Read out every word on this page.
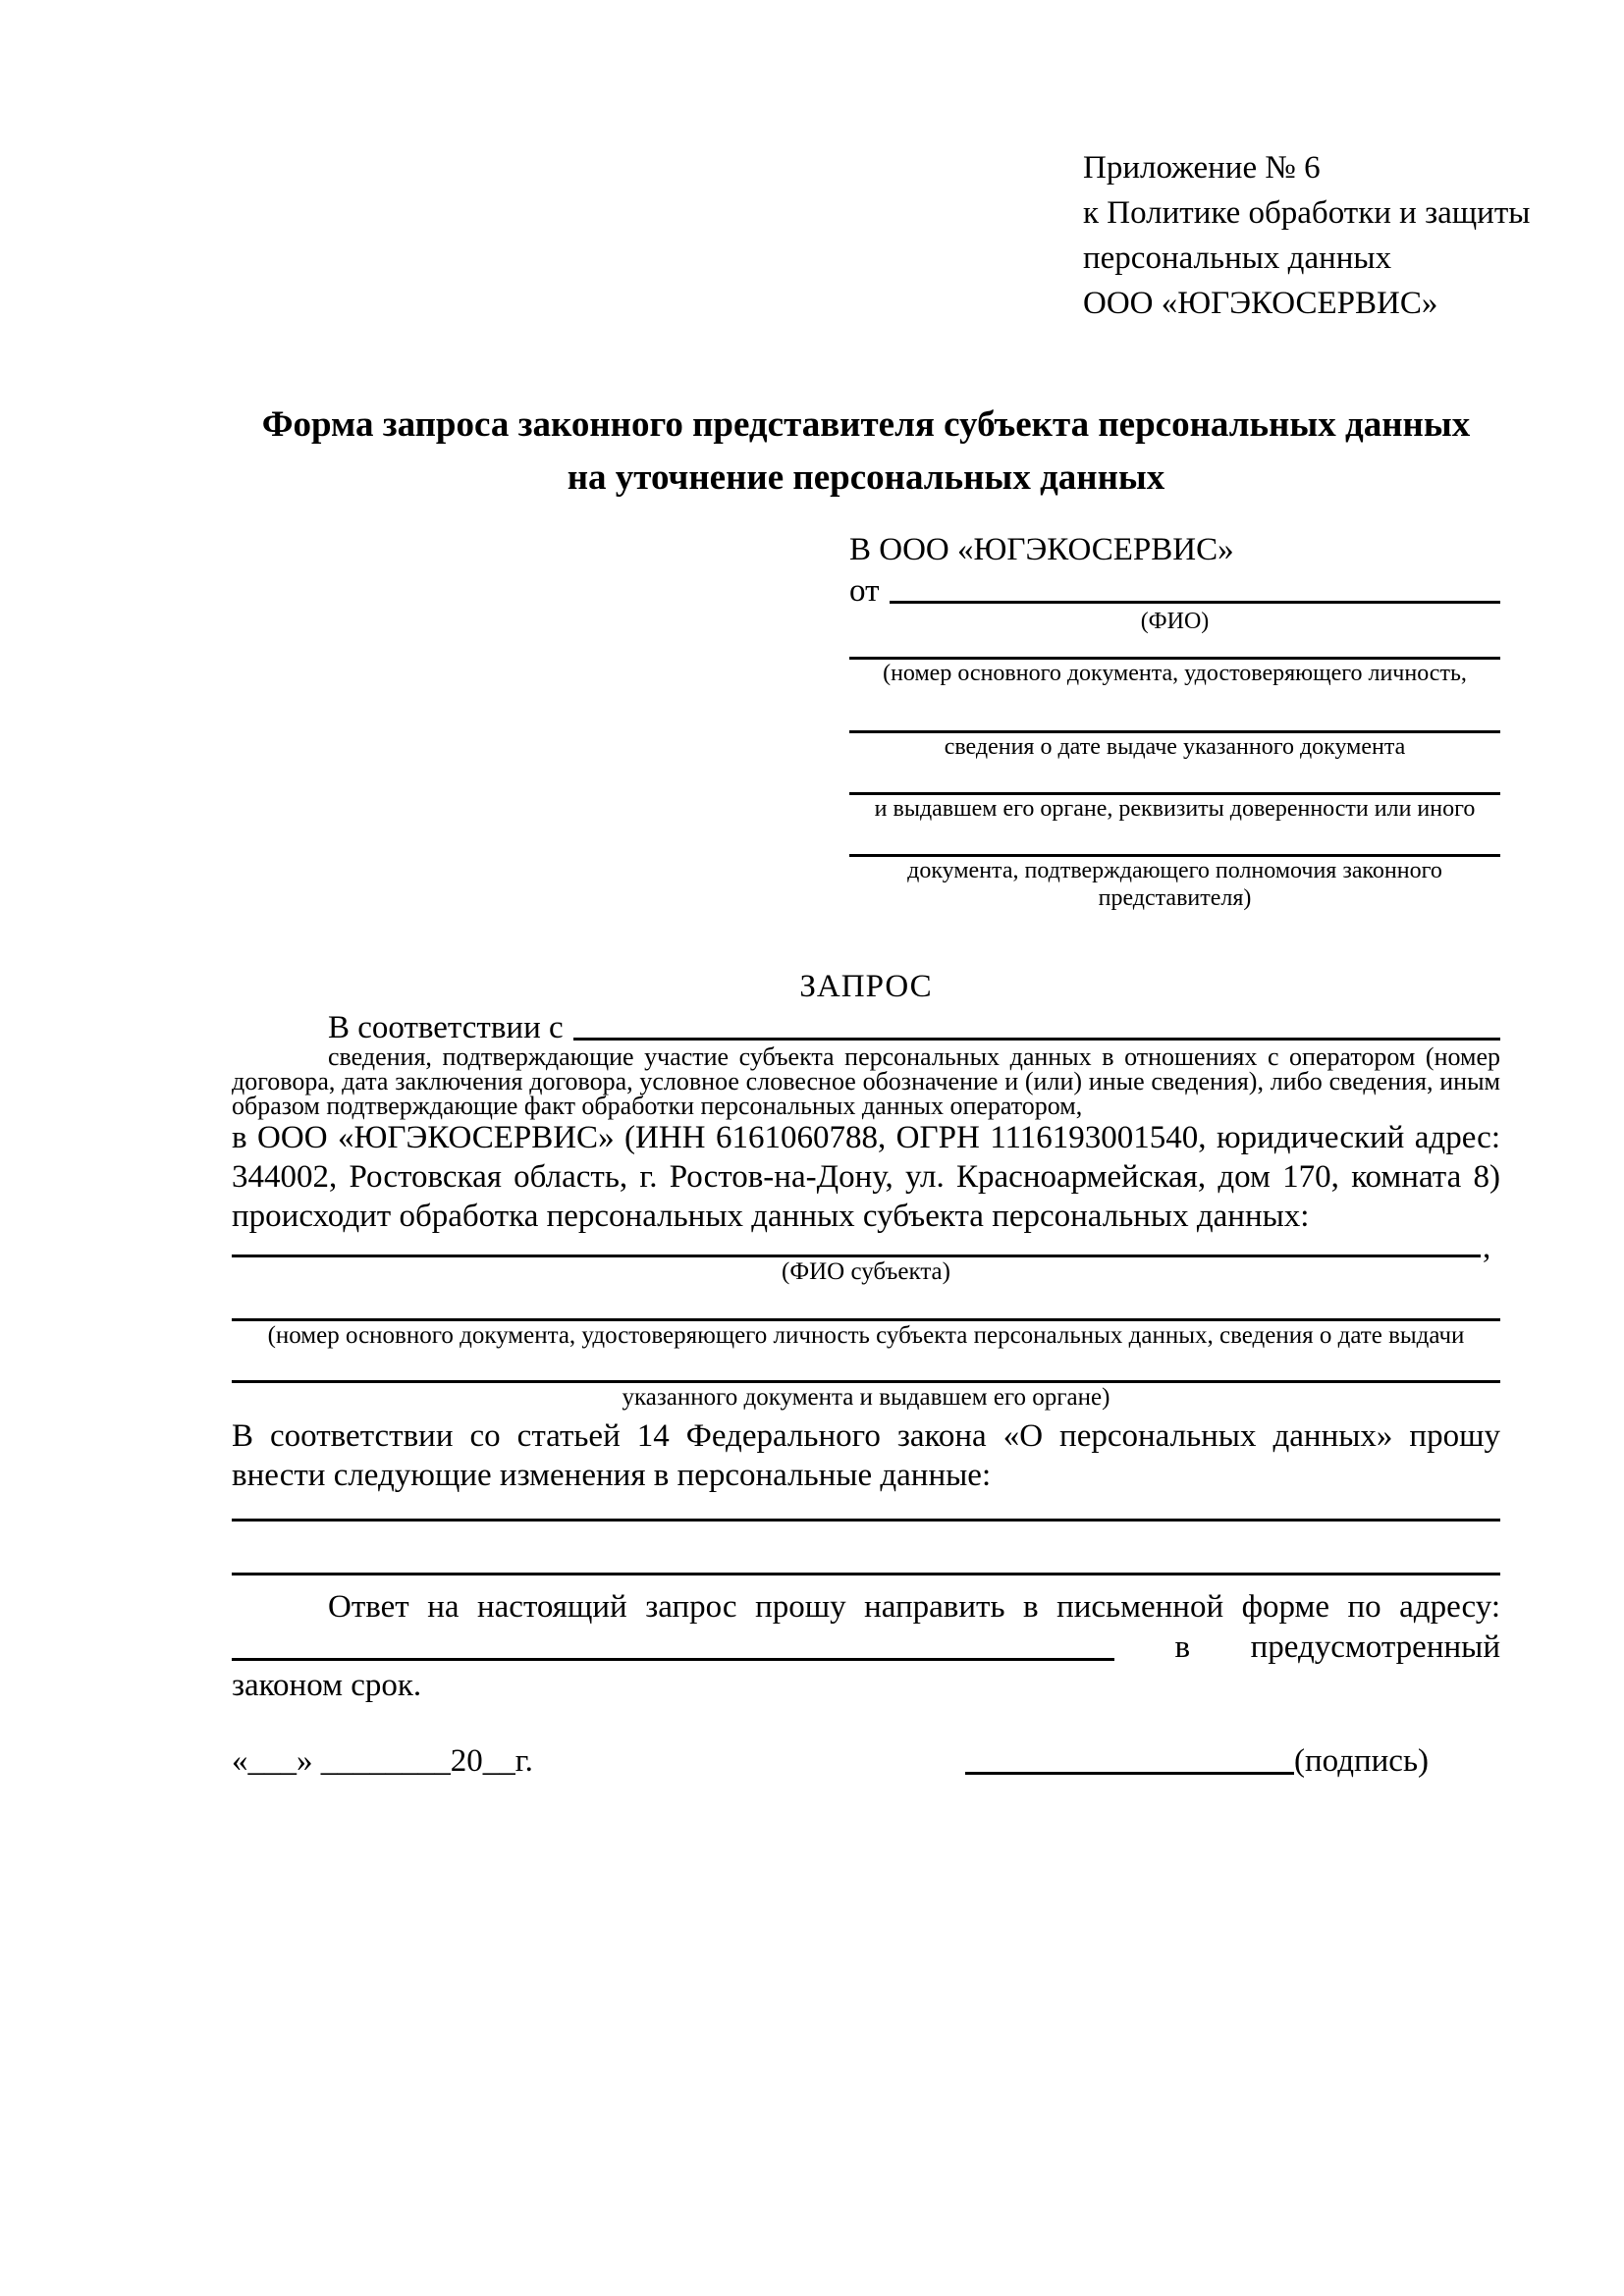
Приложение № 6
к Политике обработки и защиты
персональных данных
ООО «ЮГЭКОСЕРВИС»
Форма запроса законного представителя субъекта персональных данных
на уточнение персональных данных
В ООО «ЮГЭКОСЕРВИС»
от
(ФИО)
(номер основного документа, удостоверяющего личность,
сведения о дате выдаче указанного документа
и выдавшем его органе, реквизиты доверенности или иного
документа, подтверждающего полномочия законного представителя)
ЗАПРОС
В соответствии с
сведения, подтверждающие участие субъекта персональных данных в отношениях с оператором (номер договора, дата заключения договора, условное словесное обозначение и (или) иные сведения), либо сведения, иным образом подтверждающие факт обработки персональных данных оператором,
в ООО «ЮГЭКОСЕРВИС» (ИНН 6161060788, ОГРН 1116193001540, юридический адрес: 344002, Ростовская область, г. Ростов-на-Дону, ул. Красноармейская, дом 170, комната 8) происходит обработка персональных данных субъекта персональных данных:
,
(ФИО субъекта)
(номер основного документа, удостоверяющего личность субъекта персональных данных, сведения о дате выдачи
указанного документа и выдавшем его органе)
В соответствии со статьей 14 Федерального закона «О персональных данных» прошу внести следующие изменения в персональные данные:
Ответ на настоящий запрос прошу направить в письменной форме по адресу:
в предусмотренный
законом срок.
«___» ________20__г.	(подпись)
